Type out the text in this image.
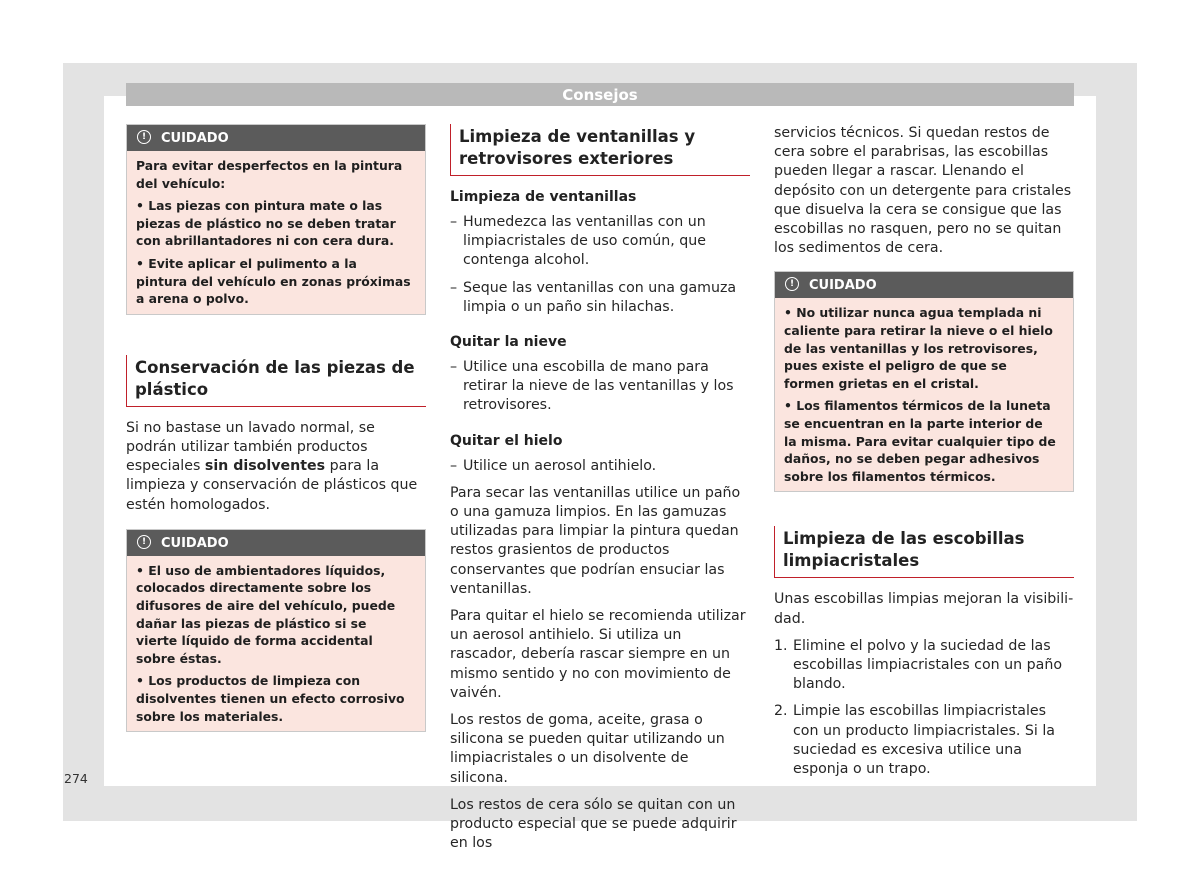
Consejos
! CUIDADO

Para evitar desperfectos en la pintura del vehículo:

• Las piezas con pintura mate o las piezas de plástico no se deben tratar con abrillantadores ni con cera dura.

• Evite aplicar el pulimento a la pintura del vehículo en zonas próximas a arena o polvo.

Conservación de las piezas de plástico

Si no bastase un lavado normal, se podrán utilizar también productos especiales sin disolventes para la limpieza y conservación de plásticos que estén homologados.

! CUIDADO

• El uso de ambientadores líquidos, colocados directamente sobre los difusores de aire del vehículo, puede dañar las piezas de plástico si se vierte líquido de forma accidental sobre éstas.

• Los productos de limpieza con disolventes tienen un efecto corrosivo sobre los materiales.

Limpieza de ventanillas y retrovisores exteriores

Limpieza de ventanillas

– Humedezca las ventanillas con un limpiacristales de uso común, que contenga alcohol.
– Seque las ventanillas con una gamuza limpia o un paño sin hilachas.

Quitar la nieve

– Utilice una escobilla de mano para retirar la nieve de las ventanillas y los retrovisores.

Quitar el hielo

– Utilice un aerosol antihielo.

Para secar las ventanillas utilice un paño o una gamuza limpios. En las gamuzas utilizadas para limpiar la pintura quedan restos grasientos de productos conservantes que podrían ensuciar las ventanillas.

Para quitar el hielo se recomienda utilizar un aerosol antihielo. Si utiliza un rascador, debería rascar siempre en un mismo sentido y no con movimiento de vaivén.

Los restos de goma, aceite, grasa o silicona se pueden quitar utilizando un limpiacristales o un disolvente de silicona.

Los restos de cera sólo se quitan con un producto especial que se puede adquirir en los

servicios técnicos. Si quedan restos de cera sobre el parabrisas, las escobillas pueden llegar a rascar. Llenando el depósito con un detergente para cristales que disuelva la cera se consigue que las escobillas no rasquen, pero no se quitan los sedimentos de cera.

! CUIDADO

• No utilizar nunca agua templada ni caliente para retirar la nieve o el hielo de las ventanillas y los retrovisores, pues existe el peligro de que se formen grietas en el cristal.

• Los filamentos térmicos de la luneta se encuentran en la parte interior de la misma. Para evitar cualquier tipo de daños, no se deben pegar adhesivos sobre los filamentos térmicos.

Limpieza de las escobillas limpiacristales

Unas escobillas limpias mejoran la visibilidad.

1. Elimine el polvo y la suciedad de las escobillas limpiacristales con un paño blando.
2. Limpie las escobillas limpiacristales con un producto limpiacristales. Si la suciedad es excesiva utilice una esponja o un trapo.
274
